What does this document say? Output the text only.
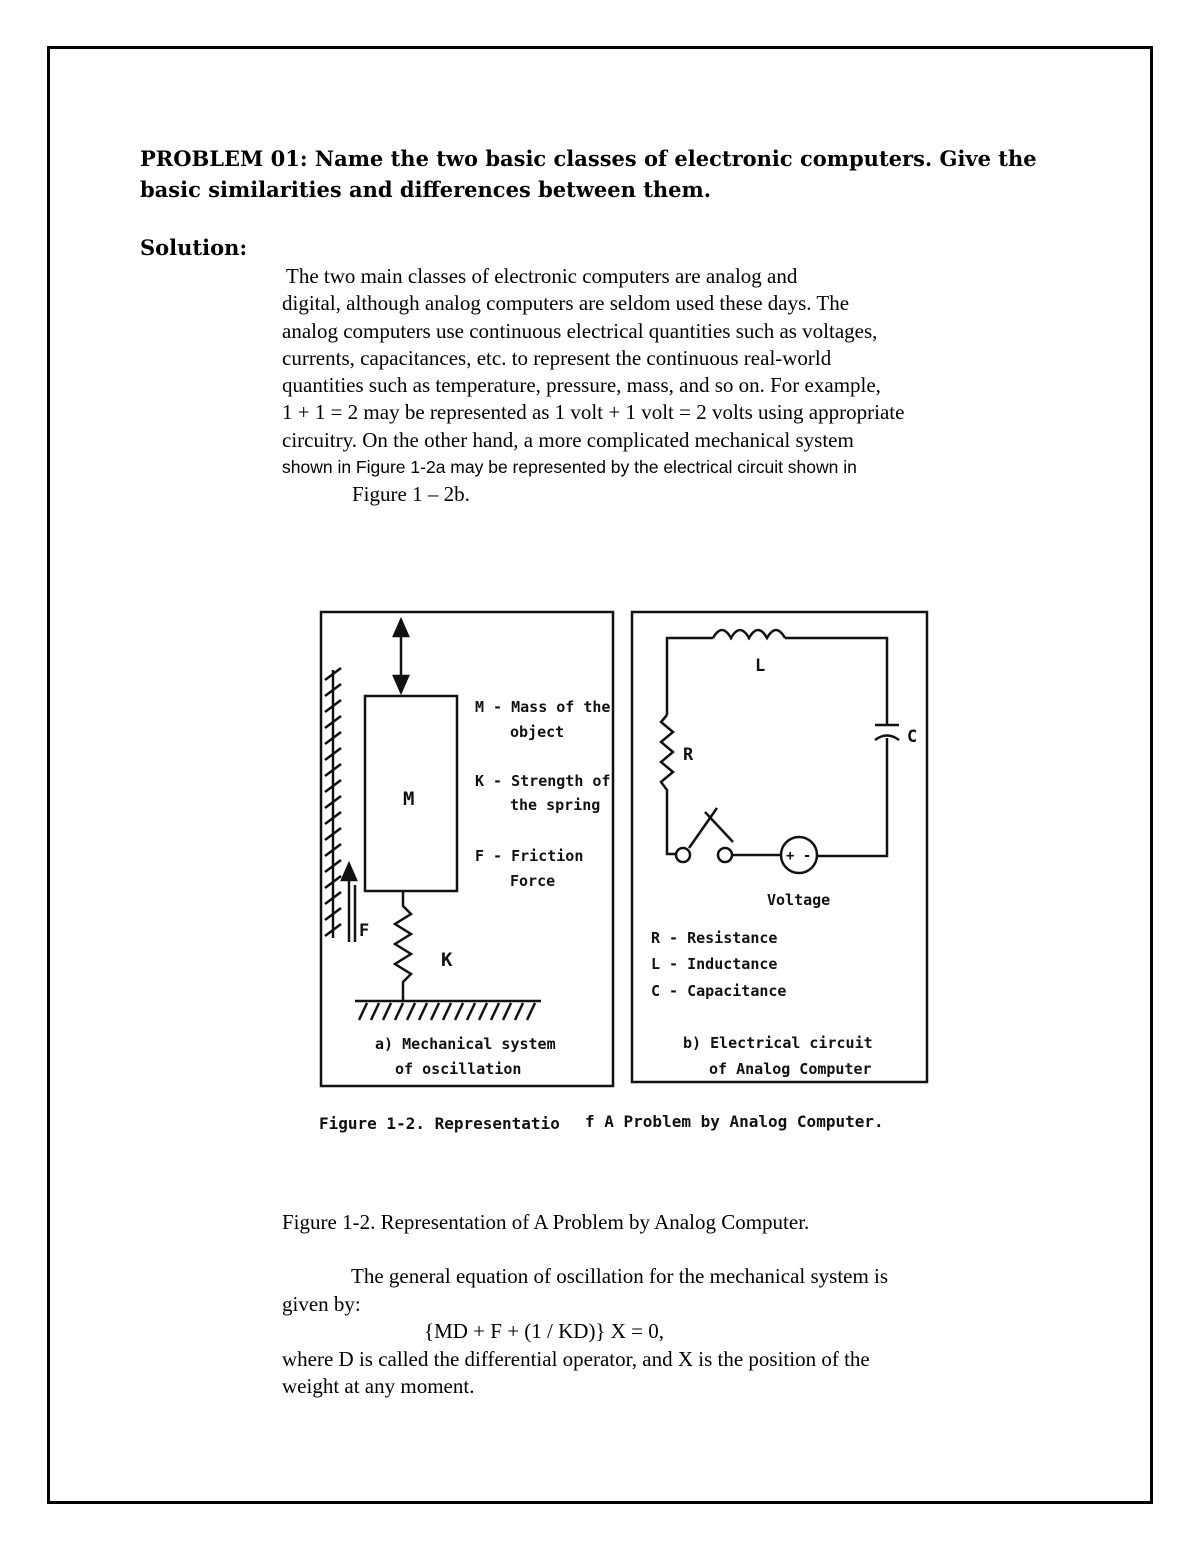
PROBLEM 01: Name the two basic classes of electronic computers. Give the
basic similarities and differences between them.
Solution:
The two main classes of electronic computers are analog and
digital, although analog computers are seldom used these days. The
analog computers use continuous electrical quantities such as voltages,
currents, capacitances, etc. to represent the continuous real-world
quantities such as temperature, pressure, mass, and so on. For example,
1 + 1 = 2 may be represented as 1 volt + 1 volt = 2 volts using appropriate
circuitry. On the other hand, a more complicated mechanical system
shown in Figure 1-2a may be represented by the electrical circuit shown in
Figure 1 – 2b.
F
M
K
M - Mass of the
object
K - Strength of
the spring
F - Friction
Force
a) Mechanical system
of oscillation
+ -
L
C
R
Voltage
R - Resistance
L - Inductance
C - Capacitance
b) Electrical circuit
of Analog Computer
Figure 1-2. Representatio f A Problem by Analog Computer.

Figure 1-2. Representation of A Problem by Analog Computer.

The general equation of oscillation for the mechanical system is
given by:
{MD + F + (1 / KD)} X = 0,
where D is called the differential operator, and X is the position of the
weight at any moment.
